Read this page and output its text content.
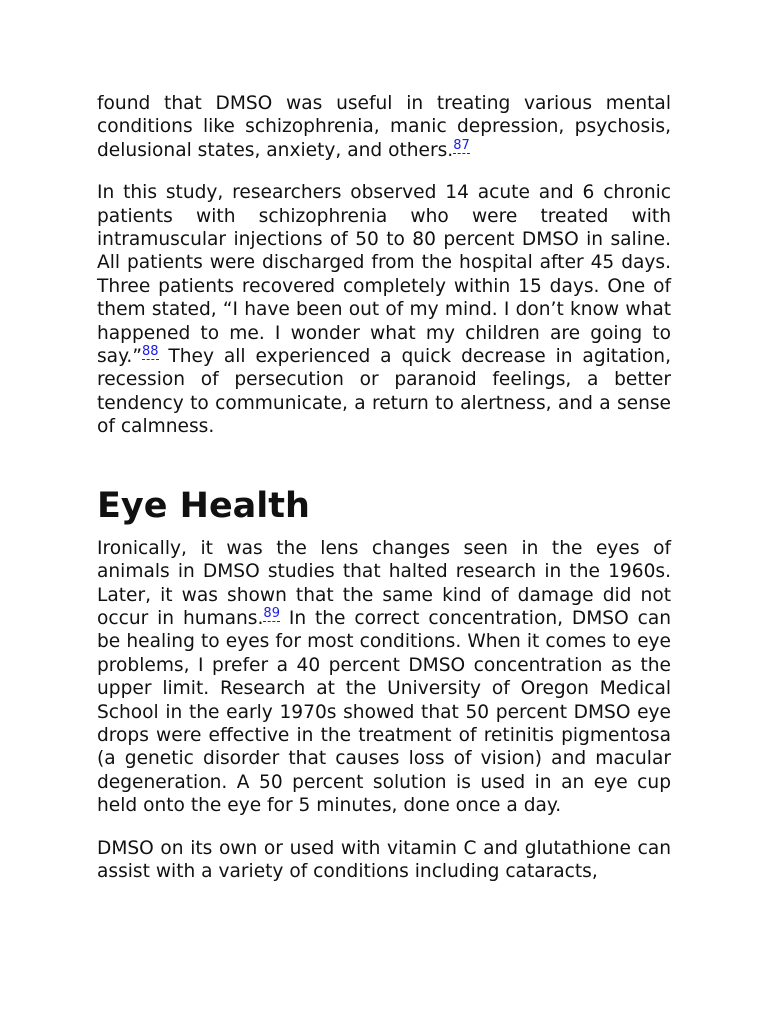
found that DMSO was useful in treating various mental conditions like schizophrenia, manic depression, psychosis, delusional states, anxiety, and others.$^{87}$

In this study, researchers observed 14 acute and 6 chronic patients with schizophrenia who were treated with intramuscular injections of 50 to 80 percent DMSO in saline. All patients were discharged from the hospital after 45 days. Three patients recovered completely within 15 days. One of them stated, “I have been out of my mind. I don’t know what happened to me. I wonder what my children are going to say.”$^{88}$ They all experienced a quick decrease in agitation, recession of persecution or paranoid feelings, a better tendency to communicate, a return to alertness, and a sense of calmness.

Eye Health

Ironically, it was the lens changes seen in the eyes of animals in DMSO studies that halted research in the 1960s. Later, it was shown that the same kind of damage did not occur in humans.$^{89}$ In the correct concentration, DMSO can be healing to eyes for most conditions. When it comes to eye problems, I prefer a 40 percent DMSO concentration as the upper limit. Research at the University of Oregon Medical School in the early 1970s showed that 50 percent DMSO eye drops were effective in the treatment of retinitis pigmentosa (a genetic disorder that causes loss of vision) and macular degeneration. A 50 percent solution is used in an eye cup held onto the eye for 5 minutes, done once a day.

DMSO on its own or used with vitamin C and glutathione can assist with a variety of conditions including cataracts,
